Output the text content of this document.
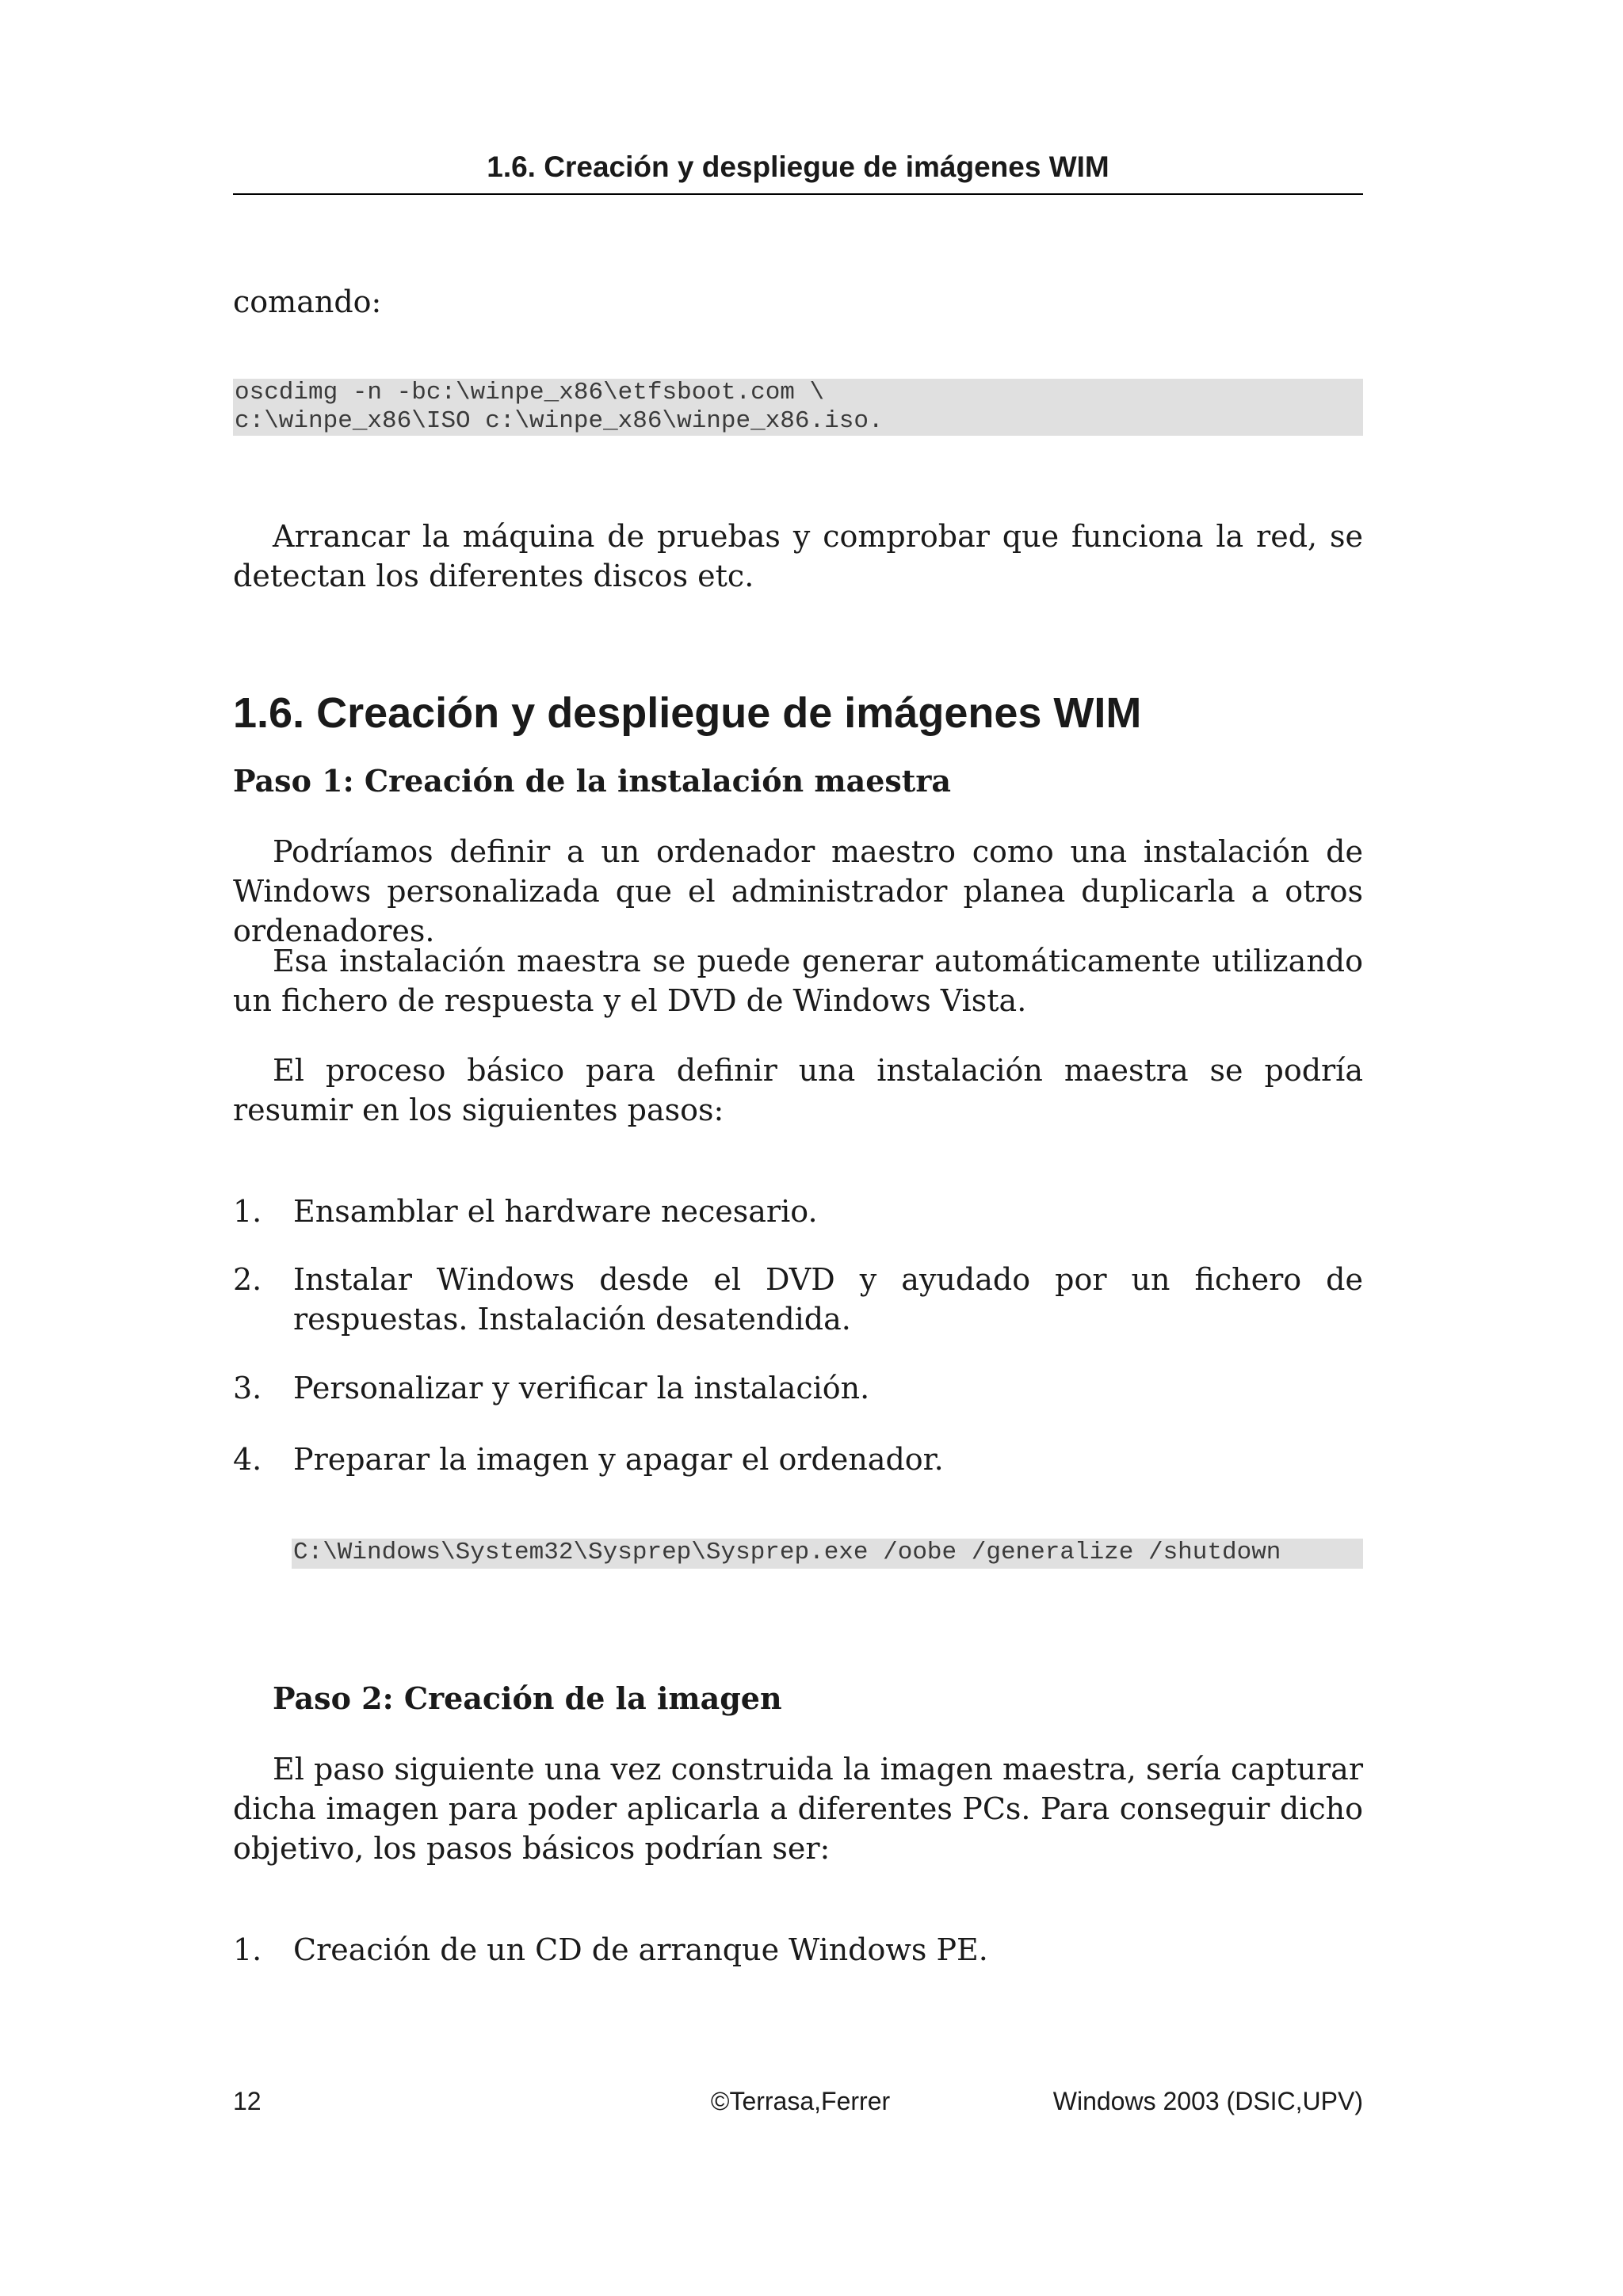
1.6. Creación y despliegue de imágenes WIM
comando:
oscdimg -n -bc:\winpe_x86\etfsboot.com \
c:\winpe_x86\ISO c:\winpe_x86\winpe_x86.iso.
Arrancar la máquina de pruebas y comprobar que funciona la red, se detectan los diferentes discos etc.
1.6. Creación y despliegue de imágenes WIM
Paso 1: Creación de la instalación maestra
Podríamos definir a un ordenador maestro como una instalación de Windows personalizada que el administrador planea duplicarla a otros ordenadores.
Esa instalación maestra se puede generar automáticamente utilizando un fichero de respuesta y el DVD de Windows Vista.
El proceso básico para definir una instalación maestra se podría resumir en los siguientes pasos:
1.	Ensamblar el hardware necesario.
2.	Instalar Windows desde el DVD y ayudado por un fichero de respuestas. Instalación desatendida.
3.	Personalizar y verificar la instalación.
4.	Preparar la imagen y apagar el ordenador.
C:\Windows\System32\Sysprep\Sysprep.exe /oobe /generalize /shutdown
Paso 2: Creación de la imagen
El paso siguiente una vez construida la imagen maestra, sería capturar dicha imagen para poder aplicarla a diferentes PCs. Para conseguir dicho objetivo, los pasos básicos podrían ser:
1.	Creación de un CD de arranque Windows PE.
12	©Terrasa,Ferrer	Windows 2003 (DSIC,UPV)
